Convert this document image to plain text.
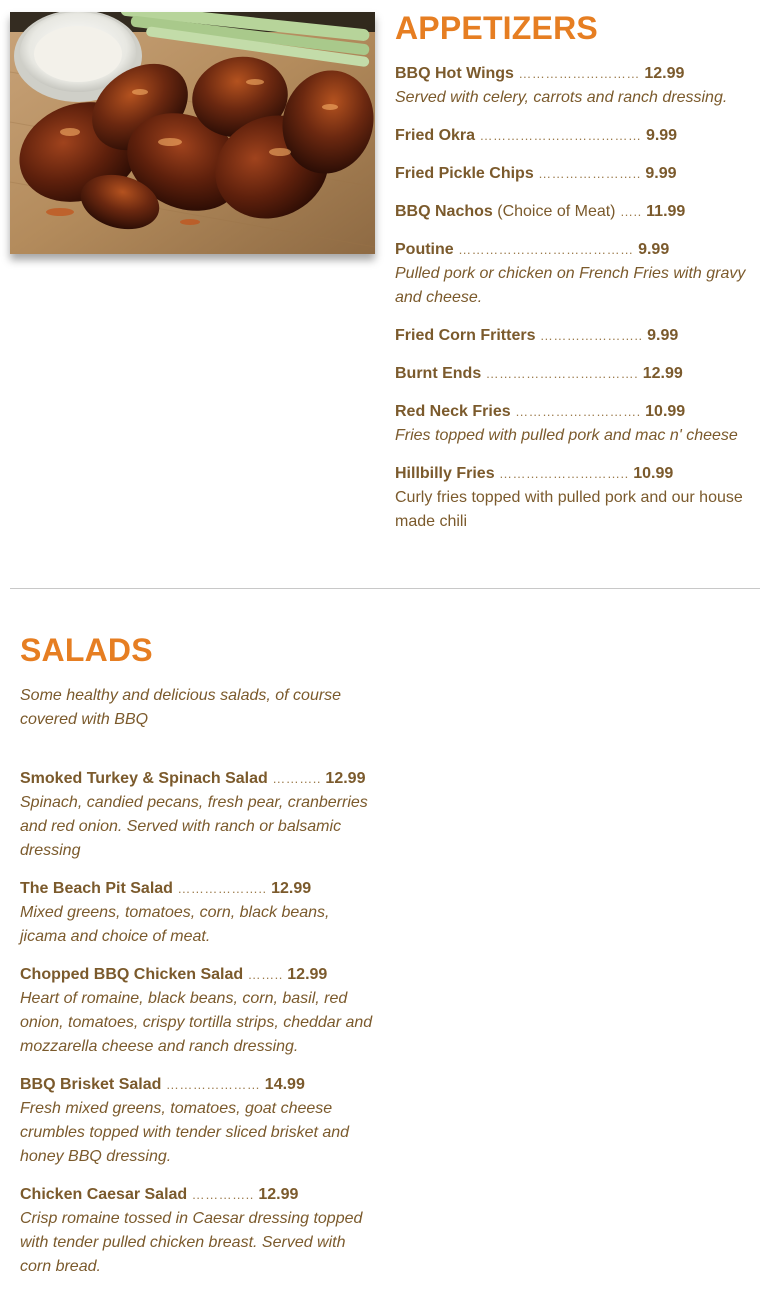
APPETIZERS
BBQ Hot Wings ……………………… 12.99
Served with celery, carrots and ranch dressing.
Fried Okra ……………………………… 9.99
Fried Pickle Chips ………………….. 9.99
BBQ Nachos (Choice of Meat) ….. 11.99
Poutine ………………………………… 9.99
Pulled pork or chicken on French Fries with gravy and cheese.
Fried Corn Fritters ………………….. 9.99
Burnt Ends ……………………………. 12.99
Red Neck Fries ………………………. 10.99
Fries topped with pulled pork and mac n' cheese
Hillbilly Fries ……………………….. 10.99
Curly fries topped with pulled pork and our house made chili
SALADS
Some healthy and delicious salads, of course covered with BBQ
Smoked Turkey & Spinach Salad ……….. 12.99
Spinach, candied pecans, fresh pear, cranberries and red onion. Served with ranch or balsamic dressing
The Beach Pit Salad ……………….. 12.99
Mixed greens, tomatoes, corn, black beans, jicama and choice of meat.
Chopped BBQ Chicken Salad …….. 12.99
Heart of romaine, black beans, corn, basil, red onion, tomatoes, crispy tortilla strips, cheddar and mozzarella cheese and ranch dressing.
BBQ Brisket Salad ………………… 14.99
Fresh mixed greens, tomatoes, goat cheese crumbles topped with tender sliced brisket and honey BBQ dressing.
Chicken Caesar Salad ………….. 12.99
Crisp romaine tossed in Caesar dressing topped with tender pulled chicken breast. Served with corn bread.
